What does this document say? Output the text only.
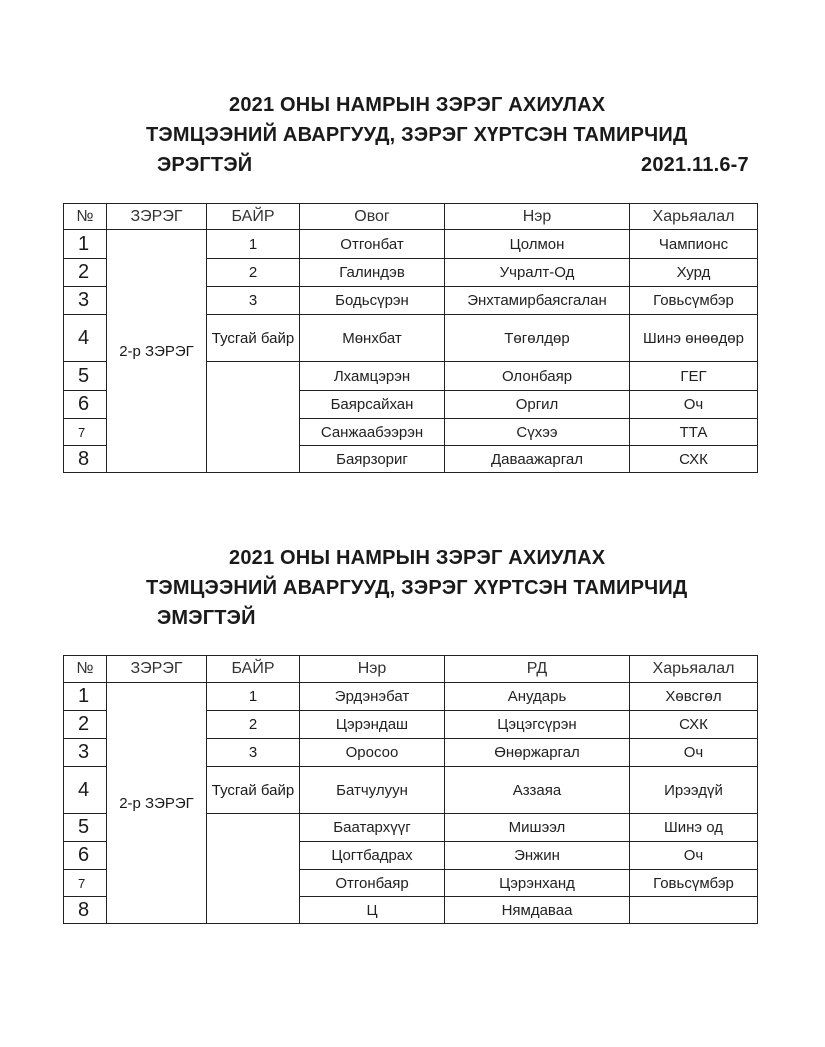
2021 ОНЫ НАМРЫН ЗЭРЭГ АХИУЛАХ
ТЭМЦЭЭНИЙ АВАРГУУД, ЗЭРЭГ ХҮРТСЭН ТАМИРЧИД
ЭРЭГТЭЙ	2021.11.6-7
№	ЗЭРЭГ	БАЙР	Овог	Нэр	Харьяалал
1	2-р ЗЭРЭГ	1	Отгонбат	Цолмон	Чампионс
2		2	Галиндэв	Учралт-Од	Хурд
3		3	Бодьсүрэн	Энхтамирбаясгалан	Говьсүмбэр
4		Тусгай байр	Мөнхбат	Төгөлдөр	Шинэ өнөөдөр
5			Лхамцэрэн	Олонбаяр	ГЕГ
6			Баярсайхан	Оргил	Оч
7			Санжаабээрэн	Сүхээ	ТТА
8			Баярзориг	Даваажаргал	СХК
2021 ОНЫ НАМРЫН ЗЭРЭГ АХИУЛАХ
ТЭМЦЭЭНИЙ АВАРГУУД, ЗЭРЭГ ХҮРТСЭН ТАМИРЧИД
ЭМЭГТЭЙ
№	ЗЭРЭГ	БАЙР	Нэр	РД	Харьяалал
1	2-р ЗЭРЭГ	1	Эрдэнэбат	Анударь	Хөвсгөл
2		2	Цэрэндаш	Цэцэгсүрэн	СХК
3		3	Оросоо	Өнөржаргал	Оч
4		Тусгай байр	Батчулуун	Аззаяа	Ирээдүй
5			Баатархүүг	Мишээл	Шинэ од
6			Цогтбадрах	Энжин	Оч
7			Отгонбаяр	Цэрэнханд	Говьсүмбэр
8			Ц	Нямдаваа	
